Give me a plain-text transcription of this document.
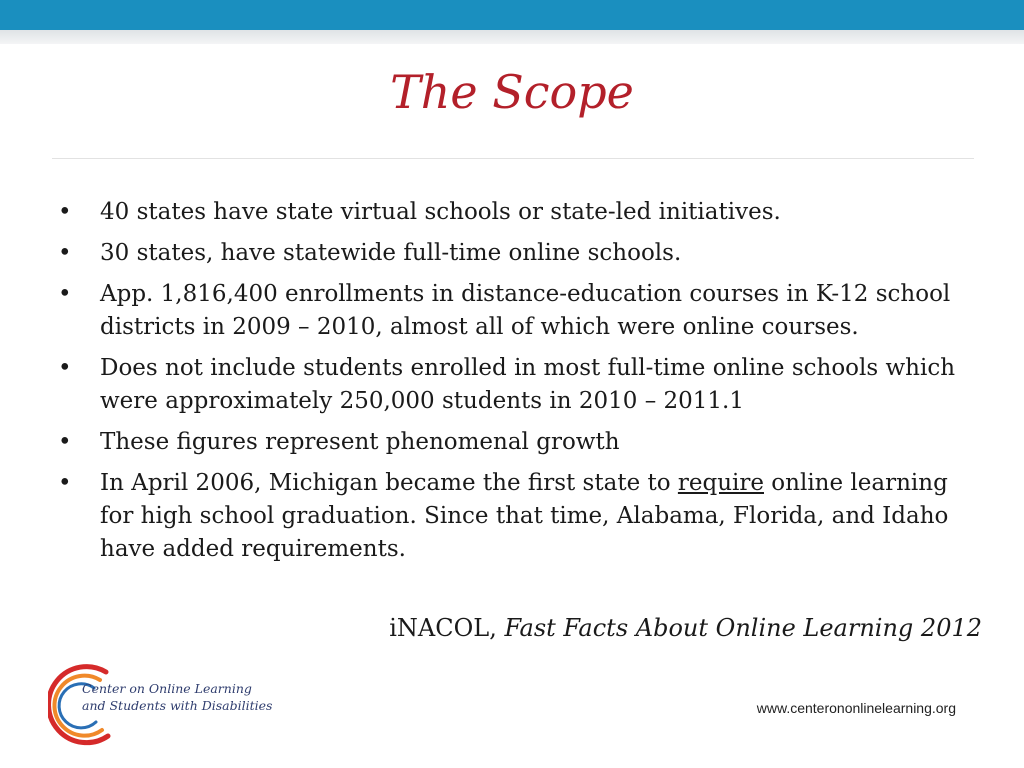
The Scope
• 40 states have state virtual schools or state-led initiatives.
• 30 states, have statewide full-time online schools.
• App. 1,816,400 enrollments in distance-education courses in K-12 school districts in 2009 – 2010, almost all of which were online courses.
• Does not include students enrolled in most full-time online schools which were approximately 250,000 students in 2010 – 2011.1
• These figures represent phenomenal growth
• In April 2006, Michigan became the first state to require online learning for high school graduation. Since that time, Alabama, Florida, and Idaho have added requirements.
iNACOL, Fast Facts About Online Learning 2012
Center on Online Learning
and Students with Disabilities	www.centerononlinelearning.org
